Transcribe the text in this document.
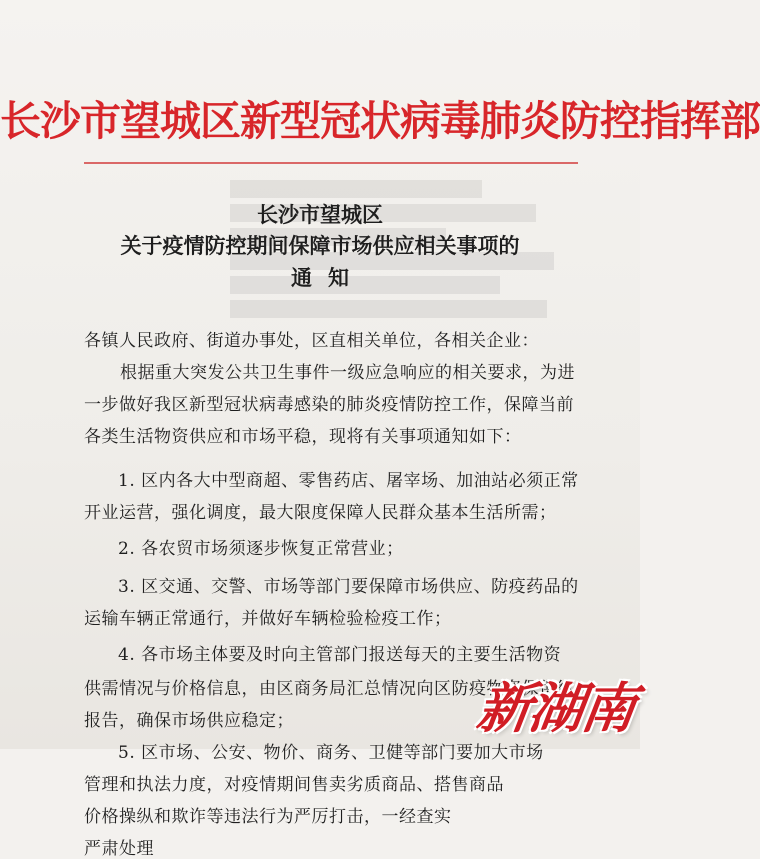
长沙市望城区新型冠状病毒肺炎防控指挥部
长沙市望城区
关于疫情防控期间保障市场供应相关事项的
通知
各镇人民政府、街道办事处，区直相关单位，各相关企业：
根据重大突发公共卫生事件一级应急响应的相关要求，为进
一步做好我区新型冠状病毒感染的肺炎疫情防控工作，保障当前
各类生活物资供应和市场平稳，现将有关事项通知如下：
1. 区内各大中型商超、零售药店、屠宰场、加油站必须正常
开业运营，强化调度，最大限度保障人民群众基本生活所需；
2. 各农贸市场须逐步恢复正常营业；
3. 区交通、交警、市场等部门要保障市场供应、防疫药品的
运输车辆正常通行，并做好车辆检验检疫工作；
4. 各市场主体要及时向主管部门报送每天的主要生活物资
供需情况与价格信息，由区商务局汇总情况向区防疫物资保供组
报告，确保市场供应稳定；
5. 区市场、公安、物价、商务、卫健等部门要加大市场
管理和执法力度，对疫情期间售卖劣质商品、搭售商品
价格操纵和欺诈等违法行为严厉打击，一经查实
严肃处理
新湖南
